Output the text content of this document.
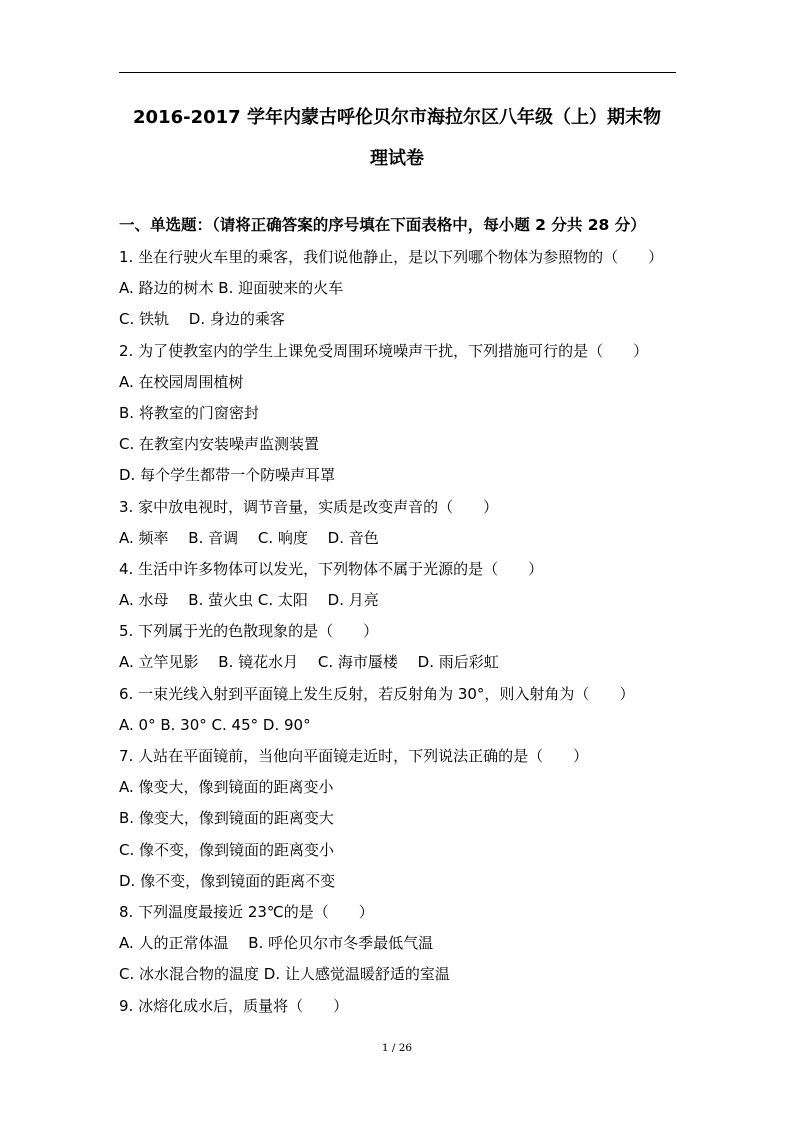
2016-2017 学年内蒙古呼伦贝尔市海拉尔区八年级（上）期末物
理试卷
一、单选题：（请将正确答案的序号填在下面表格中，每小题 2 分共 28 分）
1. 坐在行驶火车里的乘客，我们说他静止，是以下列哪个物体为参照物的（　　）
A. 路边的树木 B. 迎面驶来的火车
C. 铁轨　 D. 身边的乘客
2. 为了使教室内的学生上课免受周围环境噪声干扰，下列措施可行的是（　　）
A. 在校园周围植树
B. 将教室的门窗密封
C. 在教室内安装噪声监测装置
D. 每个学生都带一个防噪声耳罩
3. 家中放电视时，调节音量，实质是改变声音的（　　）
A. 频率　 B. 音调　 C. 响度　 D. 音色
4. 生活中许多物体可以发光，下列物体不属于光源的是（　　）
A. 水母　 B. 萤火虫 C. 太阳　 D. 月亮
5. 下列属于光的色散现象的是（　　）
A. 立竿见影　 B. 镜花水月　 C. 海市蜃楼　 D. 雨后彩虹
6. 一束光线入射到平面镜上发生反射，若反射角为 30°，则入射角为（　　）
A. 0° B. 30° C. 45° D. 90°
7. 人站在平面镜前，当他向平面镜走近时，下列说法正确的是（　　）
A. 像变大，像到镜面的距离变小
B. 像变大，像到镜面的距离变大
C. 像不变，像到镜面的距离变小
D. 像不变，像到镜面的距离不变
8. 下列温度最接近 23℃的是（　　）
A. 人的正常体温　 B. 呼伦贝尔市冬季最低气温
C. 冰水混合物的温度 D. 让人感觉温暖舒适的室温
9. 冰熔化成水后，质量将（　　）
1 / 26
